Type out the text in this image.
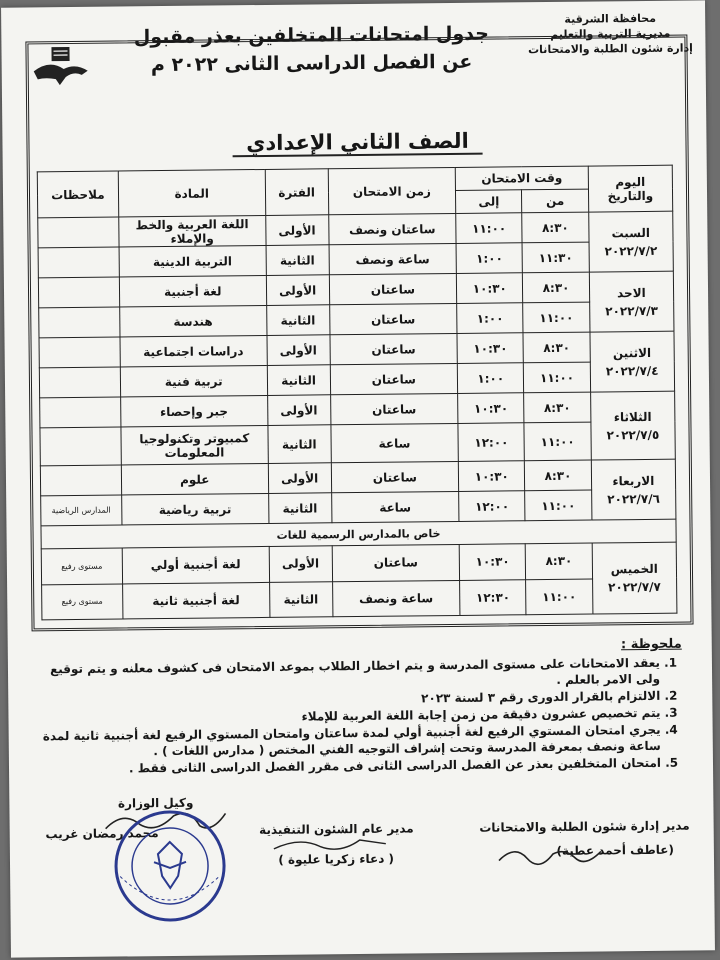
محافظة الشرقية
مديرية التربية والتعليم
إدارة شئون الطلبة والامتحانات
جدول امتحانات المتخلفين بعذر مقبول
عن الفصل الدراسى الثانى ٢٠٢٢ م
الصف الثاني الإعدادي
اليوم والتاريخ	وقت الامتحان		زمن الامتحان	الفترة	المادة	ملاحظات
	من	إلى				

السبت
٢٠٢٢/٧/٢	٨:٣٠	١١:٠٠	ساعتان ونصف	الأولى	اللغة العربية والخط والإملاء	
	١١:٣٠	١:٠٠	ساعة ونصف	الثانية	التربية الدينية	

الاحد
٢٠٢٢/٧/٣	٨:٣٠	١٠:٣٠	ساعتان	الأولى	لغة أجنبية	
	١١:٠٠	١:٠٠	ساعتان	الثانية	هندسة	

الاثنين
٢٠٢٢/٧/٤	٨:٣٠	١٠:٣٠	ساعتان	الأولى	دراسات اجتماعية	
	١١:٠٠	١:٠٠	ساعتان	الثانية	تربية فنية	

الثلاثاء
٢٠٢٢/٧/٥	٨:٣٠	١٠:٣٠	ساعتان	الأولى	جبر وإحصاء	
	١١:٠٠	١٢:٠٠	ساعة	الثانية	كمبيوتر وتكنولوجيا المعلومات	

الاربعاء
٢٠٢٢/٧/٦	٨:٣٠	١٠:٣٠	ساعتان	الأولى	علوم	
	١١:٠٠	١٢:٠٠	ساعة	الثانية	تربية رياضية	المدارس الرياضية
خاص بالمدارس الرسمية للغات						

الخميس
٢٠٢٢/٧/٧	٨:٣٠	١٠:٣٠	ساعتان	الأولى	لغة أجنبية أولي	مستوى رفيع
	١١:٠٠	١٢:٣٠	ساعة ونصف	الثانية	لغة أجنبية ثانية	مستوى رفيع
ملحوظة :
1. يعقد الامتحانات على مستوى المدرسة و يتم اخطار الطلاب بموعد الامتحان فى كشوف معلنه و يتم توقيع ولى الامر بالعلم .
2. الالتزام بالقرار الدورى رقم ٣ لسنة ٢٠٢٣
3. يتم تخصيص عشرون دقيقة من زمن إجابة اللغة العربية للإملاء
4. يجري امتحان المستوي الرفيع لغة أجنبية أولي لمدة ساعتان وامتحان المستوي الرفيع لغة أجنبية ثانية لمدة ساعة ونصف بمعرفة المدرسة وتحت إشراف التوجيه الفني المختص ( مدارس اللغات ) .
5. امتحان المتخلفين بعذر عن الفصل الدراسى الثانى فى مقرر الفصل الدراسى الثانى فقط .
مدير إدارة شئون الطلبة والامتحانات
(عاطف أحمد عطية)
مدير عام الشئون التنفيذية
( دعاء زكريا عليوة )
وكيل الوزارة
محمد رمضان غريب
